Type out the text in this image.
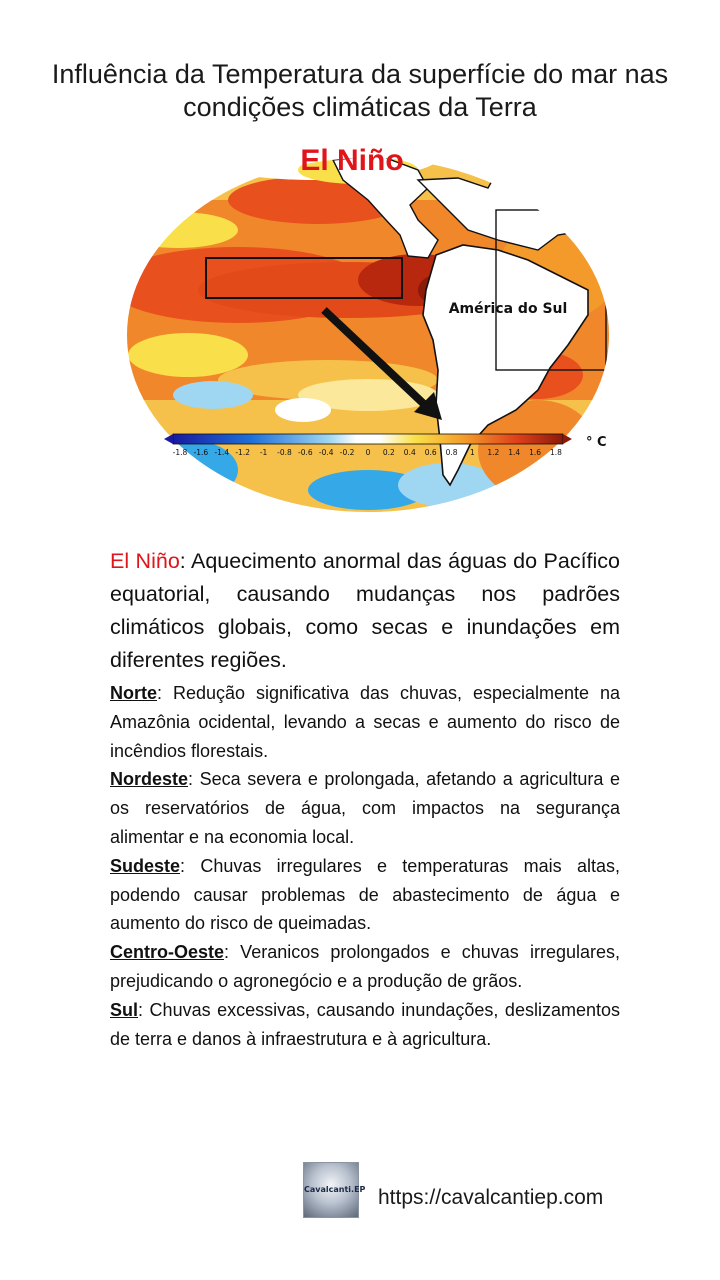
Influência da Temperatura da superfície do mar nas condições climáticas da Terra
El Niño
América do Sul
-1.8 -1.6 -1.4 -1.2 -1 -0.8 -0.6 -0.4 -0.2 0 0.2 0.4 0.6 0.8 1 1.2 1.4 1.6 1.8
° C

El Niño: Aquecimento anormal das águas do Pacífico equatorial, causando mudanças nos padrões climáticos globais, como secas e inundações em diferentes regiões.

Norte: Redução significativa das chuvas, especialmente na Amazônia ocidental, levando a secas e aumento do risco de incêndios florestais.

Nordeste: Seca severa e prolongada, afetando a agricultura e os reservatórios de água, com impactos na segurança alimentar e na economia local.

Sudeste: Chuvas irregulares e temperaturas mais altas, podendo causar problemas de abastecimento de água e aumento do risco de queimadas.

Centro-Oeste: Veranicos prolongados e chuvas irregulares, prejudicando o agronegócio e a produção de grãos.

Sul: Chuvas excessivas, causando inundações, deslizamentos de terra e danos à infraestrutura e à agricultura.

Cavalcanti.EP https://cavalcantiep.com
